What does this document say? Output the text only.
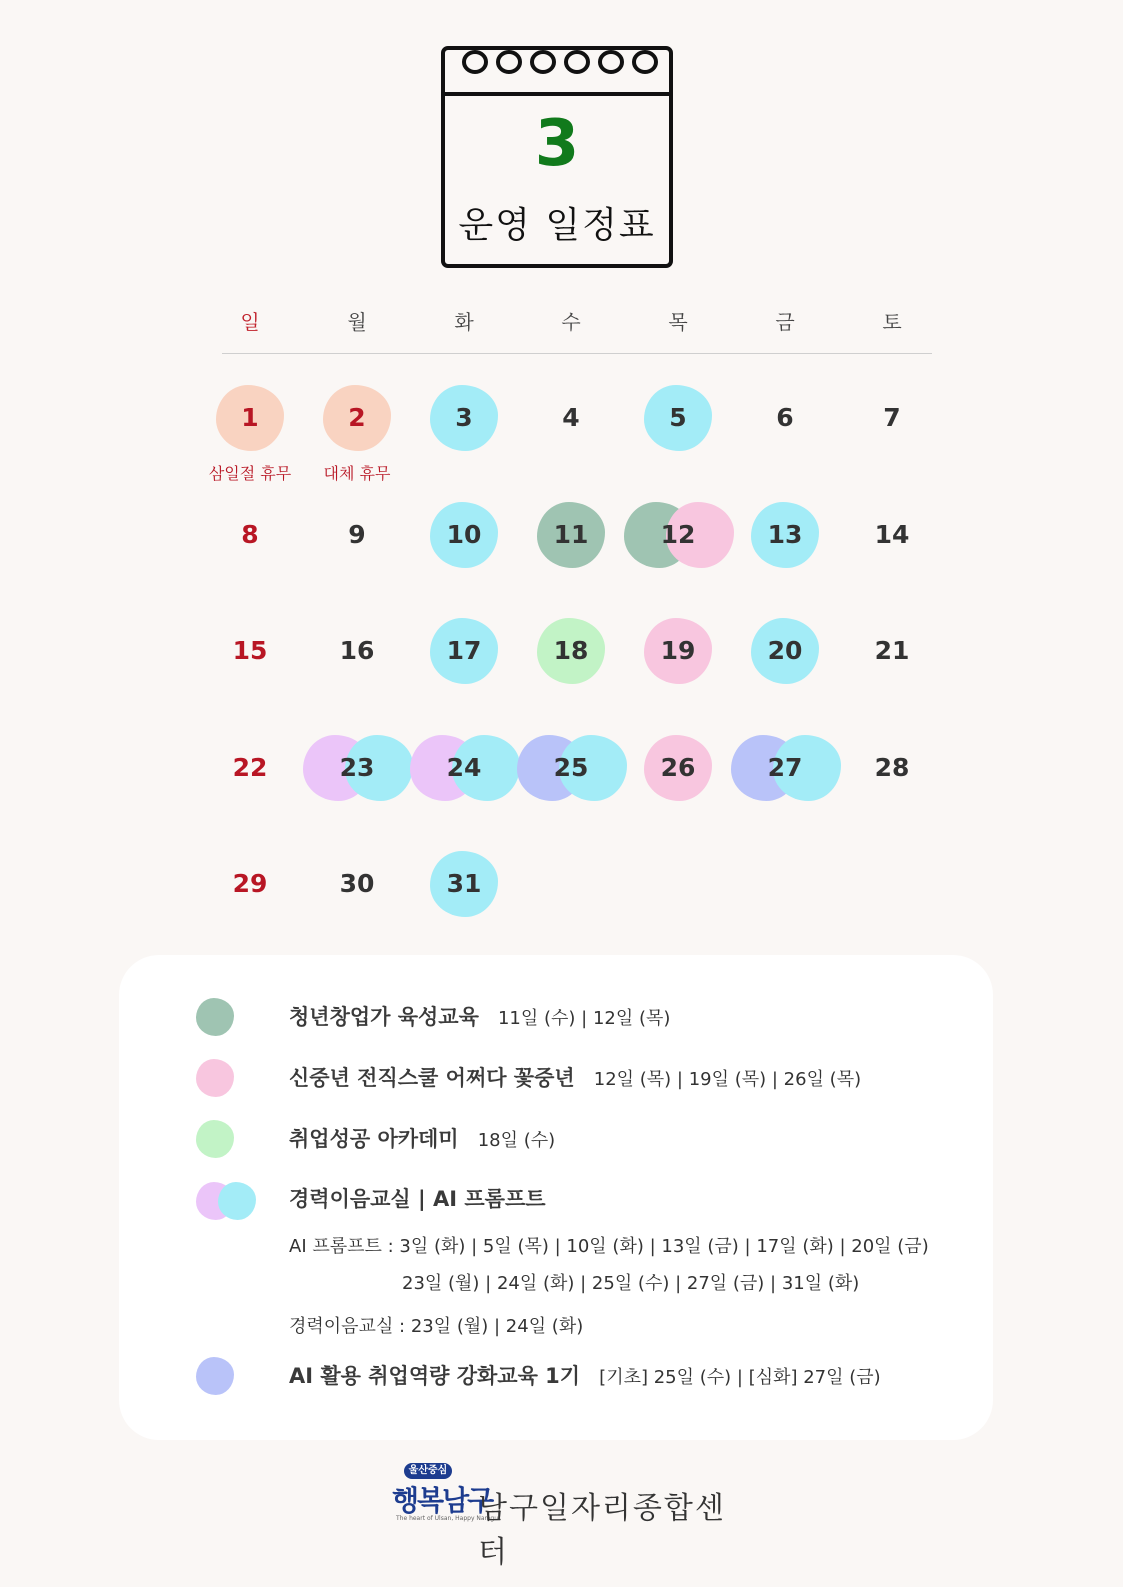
3
운영 일정표
일	월	화	수	목	금	토
1	2	3	4	5	6	7
삼일절 휴무	대체 휴무
8	9	10	11	12	13	14
15	16	17	18	19	20	21
22	23	24	25	26	27	28
29	30	31
청년창업가 육성교육 11일 (수) | 12일 (목)
신중년 전직스쿨 어쩌다 꽃중년 12일 (목) | 19일 (목) | 26일 (목)
취업성공 아카데미 18일 (수)
경력이음교실 | AI 프롬프트
AI 프롬프트 : 3일 (화) | 5일 (목) | 10일 (화) | 13일 (금) | 17일 (화) | 20일 (금)
23일 (월) | 24일 (화) | 25일 (수) | 27일 (금) | 31일 (화)
경력이음교실 : 23일 (월) | 24일 (화)
AI 활용 취업역량 강화교육 1기 [기초] 25일 (수) | [심화] 27일 (금)
울산중심
행복남구
The heart of Ulsan, Happy Namgu
남구일자리종합센터
